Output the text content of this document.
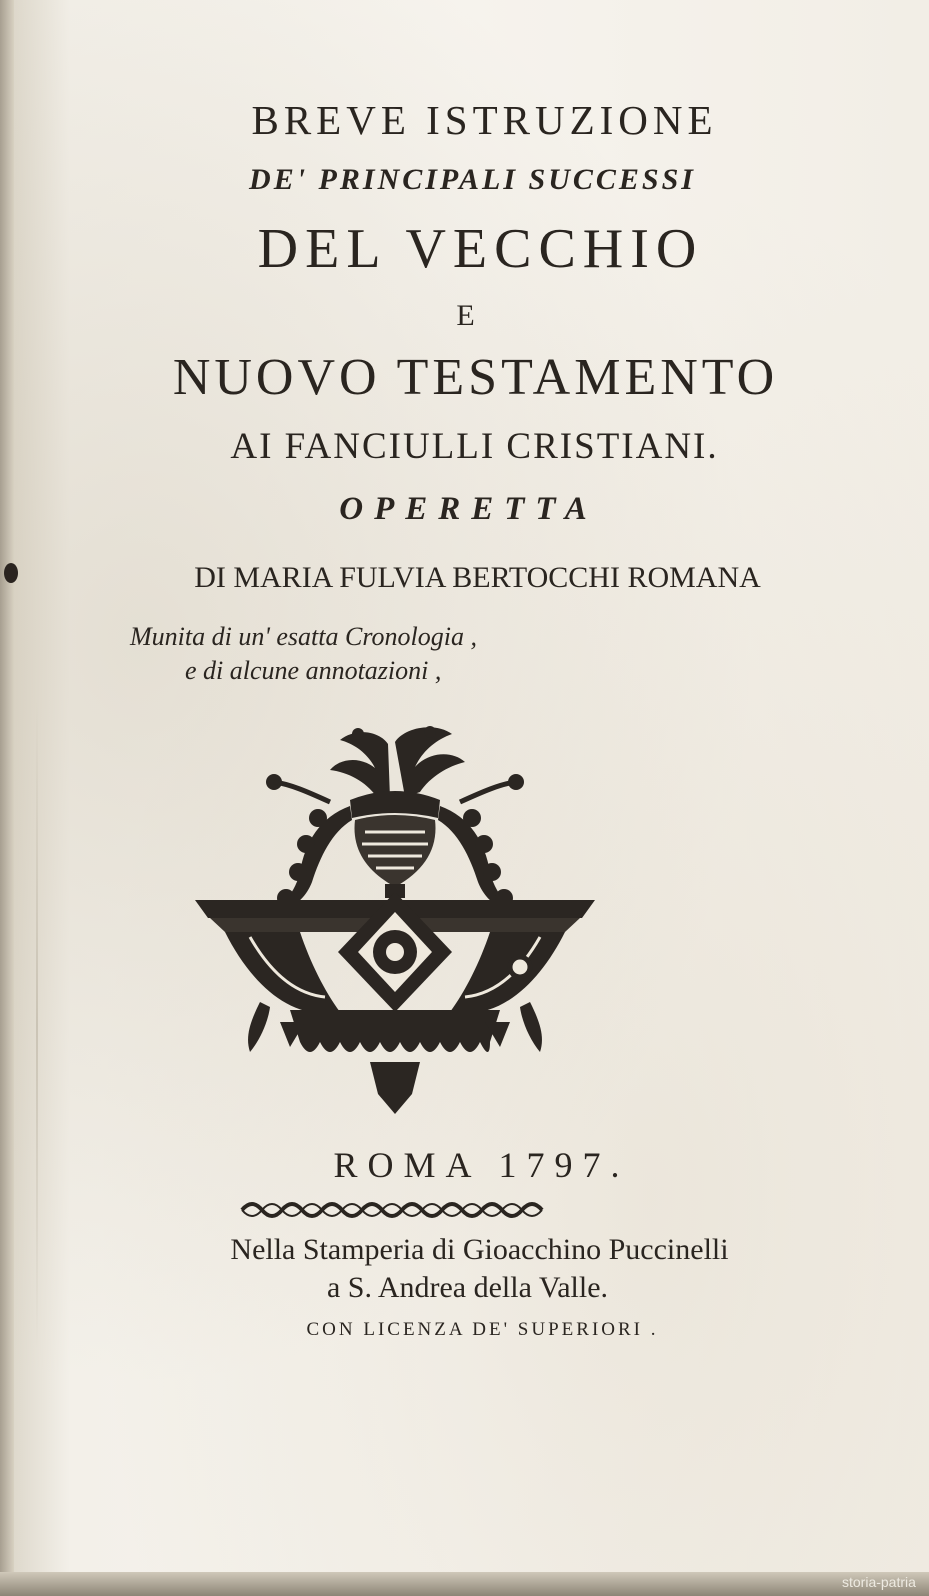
BREVE ISTRUZIONE
DE' PRINCIPALI SUCCESSI
DEL VECCHIO
E
NUOVO TESTAMENTO
AI FANCIULLI CRISTIANI.
OPERETTA
DI MARIA FULVIA BERTOCCHI ROMANA
Munita di un' esatta Cronologia ,
e di alcune annotazioni ,
ROMA 1797.
Nella Stamperia di Gioacchino Puccinelli
a S. Andrea della Valle.
CON LICENZA DE' SUPERIORI .
storia-patria
